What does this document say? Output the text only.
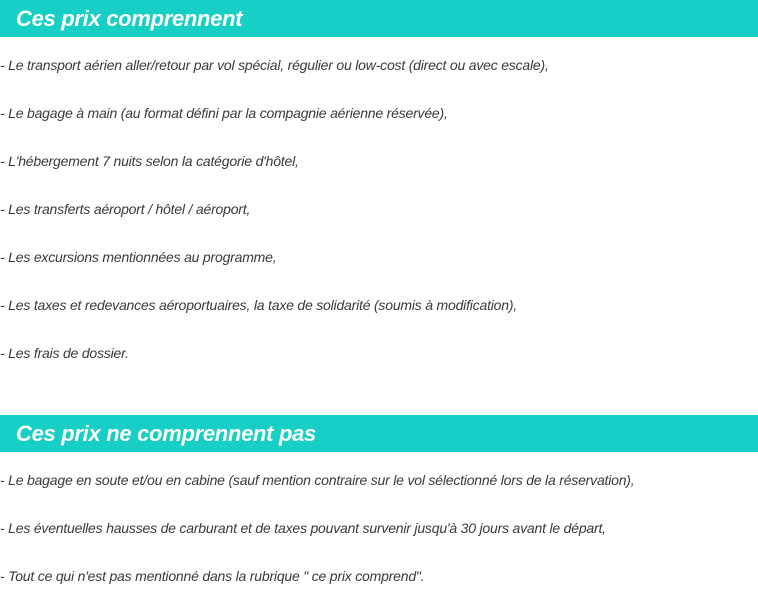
Ces prix comprennent
- Le transport aérien aller/retour par vol spécial, régulier ou low-cost (direct ou avec escale),
- Le bagage à main (au format défini par la compagnie aérienne réservée),
- L'hébergement 7 nuits selon la catégorie d'hôtel,
- Les transferts aéroport / hôtel / aéroport,
- Les excursions mentionnées au programme,
- Les taxes et redevances aéroportuaires, la taxe de solidarité (soumis à modification),
- Les frais de dossier.
Ces prix ne comprennent pas
- Le bagage en soute et/ou en cabine (sauf mention contraire sur le vol sélectionné lors de la réservation),
- Les éventuelles hausses de carburant et de taxes pouvant survenir jusqu'à 30 jours avant le départ,
- Tout ce qui n'est pas mentionné dans la rubrique " ce prix comprend".
